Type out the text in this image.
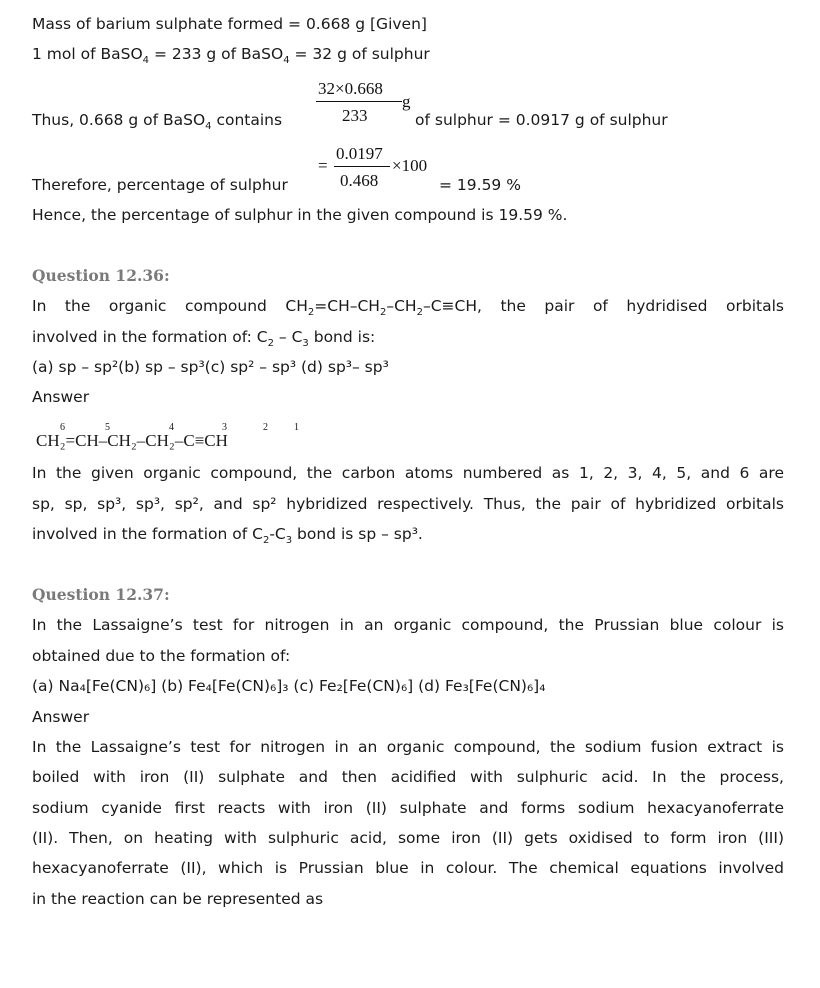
Mass of barium sulphate formed = 0.668 g [Given]
1 mol of BaSO$_4$ = 233 g of BaSO$_4$ = 32 g of sulphur
Thus, 0.668 g of BaSO$_4$ contains
32×0.668
233
g
of sulphur = 0.0917 g of sulphur
Therefore, percentage of sulphur
=
0.0197
0.468
×100
= 19.59 %
Hence, the percentage of sulphur in the given compound is 19.59 %.
Question 12.36:
In the organic compound $CH_2=CH-CH_2-CH_2-C\equiv CH$, the pair of hydridised orbitals
involved in the formation of: $C_2 - C_3$ bond is:
(a) sp – sp²(b) sp – sp³(c) sp² – sp³ (d) sp³– sp³
Answer
6	5	4	3	2	1
CH₂=CH–CH₂–CH₂–C≡CH
In the given organic compound, the carbon atoms numbered as 1, 2, 3, 4, 5, and 6 are
sp, sp, sp³, sp³, sp², and sp² hybridized respectively. Thus, the pair of hybridized orbitals
involved in the formation of $C_2-C_3$ bond is sp – sp³.
Question 12.37:
In the Lassaigne’s test for nitrogen in an organic compound, the Prussian blue colour is
obtained due to the formation of:
(a) Na₄[Fe(CN)₆] (b) Fe₄[Fe(CN)₆]₃ (c) Fe₂[Fe(CN)₆] (d) Fe₃[Fe(CN)₆]₄
Answer
In the Lassaigne’s test for nitrogen in an organic compound, the sodium fusion extract is
boiled with iron (II) sulphate and then acidified with sulphuric acid. In the process,
sodium cyanide first reacts with iron (II) sulphate and forms sodium hexacyanoferrate
(II). Then, on heating with sulphuric acid, some iron (II) gets oxidised to form iron (III)
hexacyanoferrate (II), which is Prussian blue in colour. The chemical equations involved
in the reaction can be represented as
